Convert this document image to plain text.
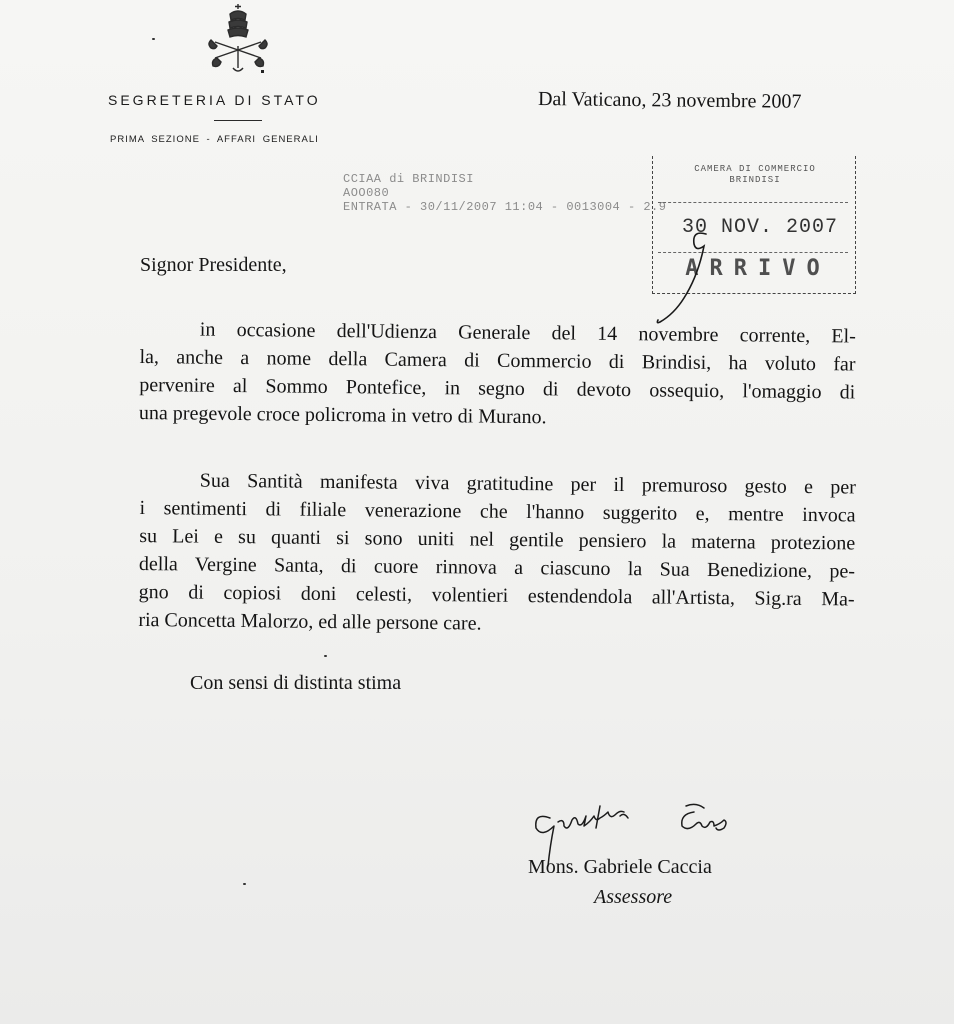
SEGRETERIA DI STATO
PRIMA SEZIONE - AFFARI GENERALI
Dal Vaticano, 23 novembre 2007
CCIAA di BRINDISI
AOO080
ENTRATA - 30/11/2007 11:04 - 0013004 - 2.9
CAMERA DI COMMERCIO
BRINDISI
30 NOV. 2007
ARRIVO
Signor Presidente,
in occasione dell'Udienza Generale del 14 novembre corrente, El-
la, anche a nome della Camera di Commercio di Brindisi, ha voluto far
pervenire al Sommo Pontefice, in segno di devoto ossequio, l'omaggio di
una pregevole croce policroma in vetro di Murano.
Sua Santità manifesta viva gratitudine per il premuroso gesto e per
i sentimenti di filiale venerazione che l'hanno suggerito e, mentre invoca
su Lei e su quanti si sono uniti nel gentile pensiero la materna protezione
della Vergine Santa, di cuore rinnova a ciascuno la Sua Benedizione, pe-
gno di copiosi doni celesti, volentieri estendendola all'Artista, Sig.ra Ma-
ria Concetta Malorzo, ed alle persone care.
Con sensi di distinta stima
Mons. Gabriele Caccia
Assessore
